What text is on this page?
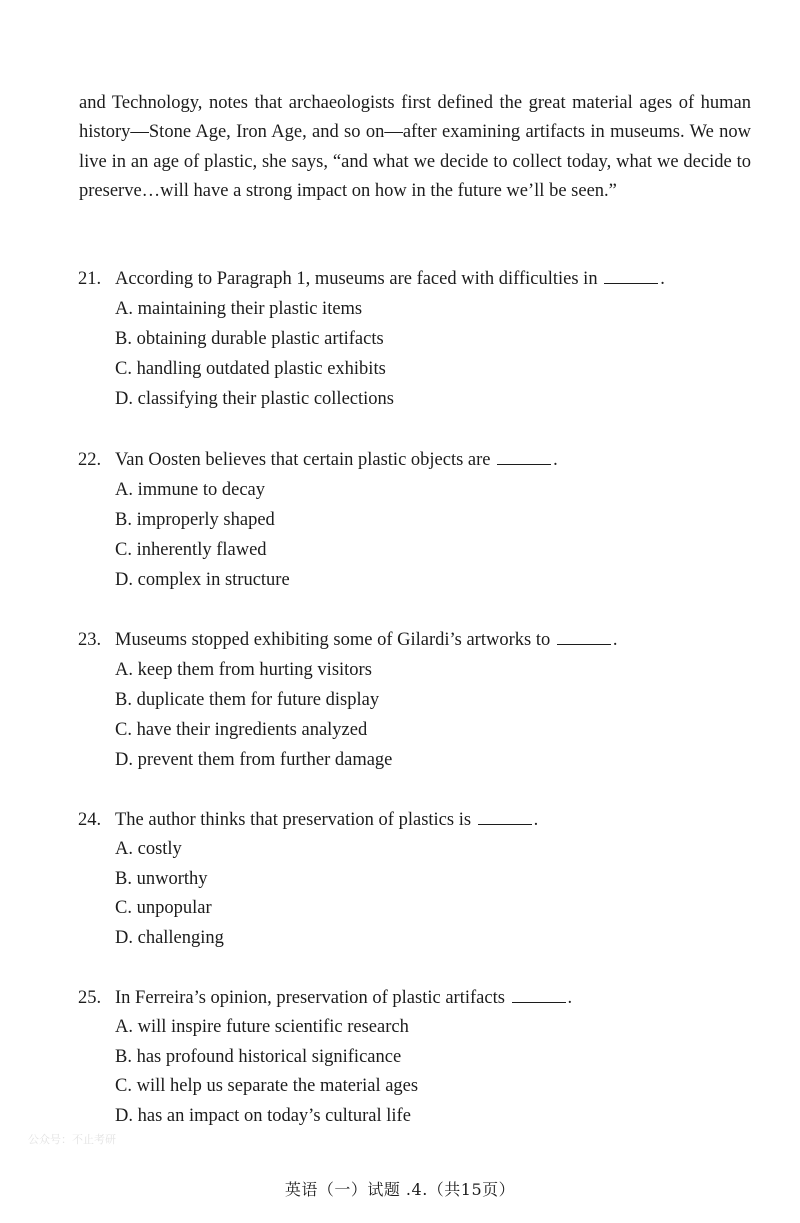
and Technology, notes that archaeologists first defined the great material ages of human history—Stone Age, Iron Age, and so on—after examining artifacts in museums. We now live in an age of plastic, she says, “and what we decide to collect today, what we decide to preserve…will have a strong impact on how in the future we’ll be seen.”

21. According to Paragraph 1, museums are faced with difficulties in	.
A. maintaining their plastic items
B. obtaining durable plastic artifacts
C. handling outdated plastic exhibits
D. classifying their plastic collections
22. Van Oosten believes that certain plastic objects are	.
A. immune to decay
B. improperly shaped
C. inherently flawed
D. complex in structure
23. Museums stopped exhibiting some of Gilardi’s artworks to	.
A. keep them from hurting visitors
B. duplicate them for future display
C. have their ingredients analyzed
D. prevent them from further damage
24. The author thinks that preservation of plastics is	.
A. costly
B. unworthy
C. unpopular
D. challenging
25. In Ferreira’s opinion, preservation of plastic artifacts	.
A. will inspire future scientific research
B. has profound historical significance
C. will help us separate the material ages
D. has an impact on today’s cultural life
公众号：不止考研
英语（一）试题 .4.（共15页）
